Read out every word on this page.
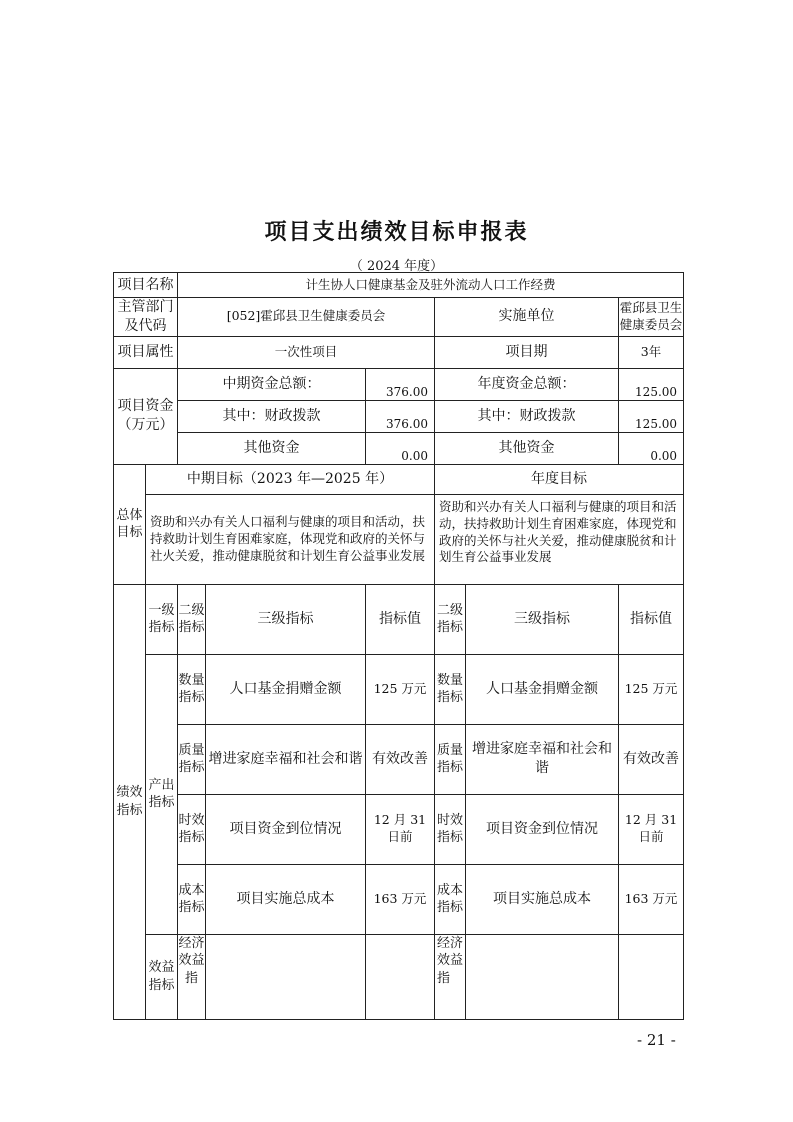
项目支出绩效目标申报表
（ 2024 年度）
项目名称		计生协人口健康基金及驻外流动人口工作经费					
主管部门及代码		[052]霍邱县卫生健康委员会			实施单位		霍邱县卫生健康委员会
项目属性		一次性项目			项目期		3年
项目资金（万元）		中期资金总额：		376.00	年度资金总额：		125.00
		其中：财政拨款		376.00	其中：财政拨款		125.00
		其他资金		0.00	其他资金		0.00
总体目标	中期目标（2023 年—2025 年）				年度目标		
	资助和兴办有关人口福利与健康的项目和活动，扶持救助计划生育困难家庭，体现党和政府的关怀与社火关爱，推动健康脱贫和计划生育公益事业发展				资助和兴办有关人口福利与健康的项目和活动，扶持救助计划生育困难家庭，体现党和政府的关怀与社火关爱，推动健康脱贫和计划生育公益事业发展		
绩效指标	一级指标	二级指标	三级指标	指标值	二级指标	三级指标	指标值
	产出指标	数量指标	人口基金捐赠金额	125 万元	数量指标	人口基金捐赠金额	125 万元
		质量指标	增进家庭幸福和社会和谐	有效改善	质量指标	增进家庭幸福和社会和谐	有效改善
		时效指标	项目资金到位情况	12 月 31 日前	时效指标	项目资金到位情况	12 月 31 日前
		成本指标	项目实施总成本	163 万元	成本指标	项目实施总成本	163 万元
	效益指标	经济效益指			经济效益指		
- 21 -
